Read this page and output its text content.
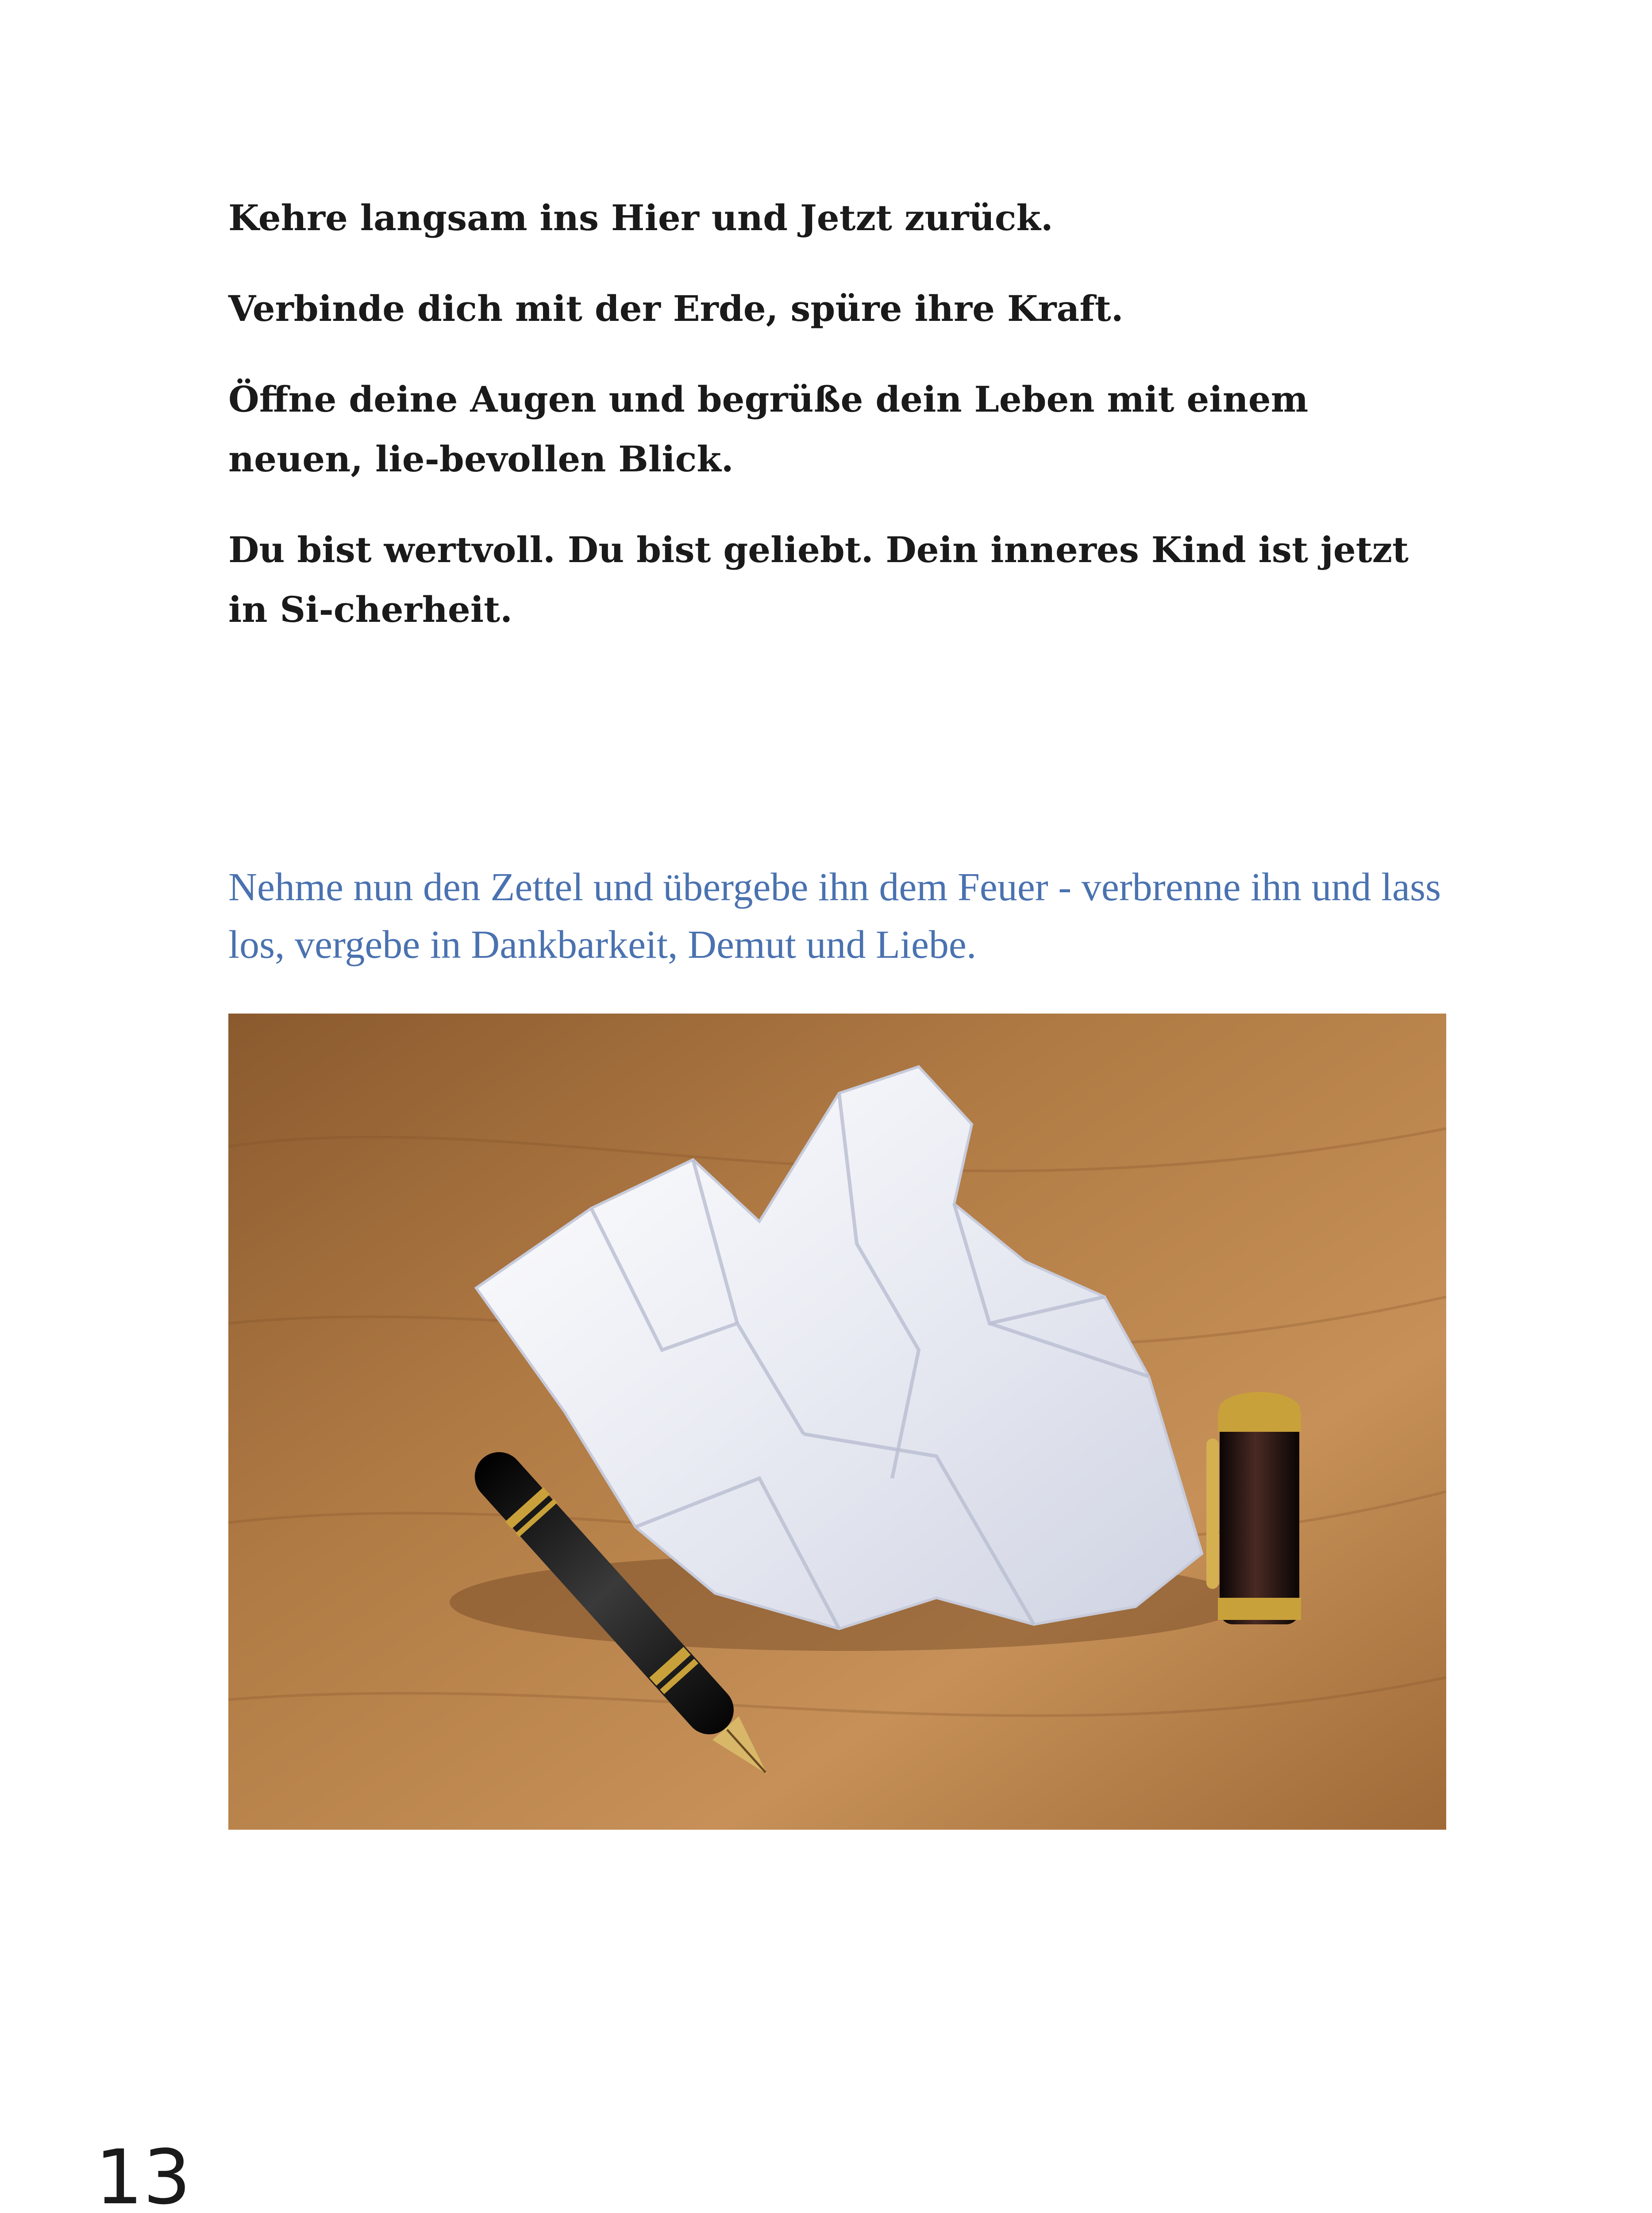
Kehre langsam ins Hier und Jetzt zurück.

Verbinde dich mit der Erde, spüre ihre Kraft.

Öffne deine Augen und begrüße dein Leben mit einem neuen, lie-bevollen Blick.

Du bist wertvoll. Du bist geliebt. Dein inneres Kind ist jetzt in Si-cherheit.

Nehme nun den Zettel und übergebe ihn dem Feuer - verbrenne ihn und lass los, vergebe in Dankbarkeit, Demut und Liebe.
13
